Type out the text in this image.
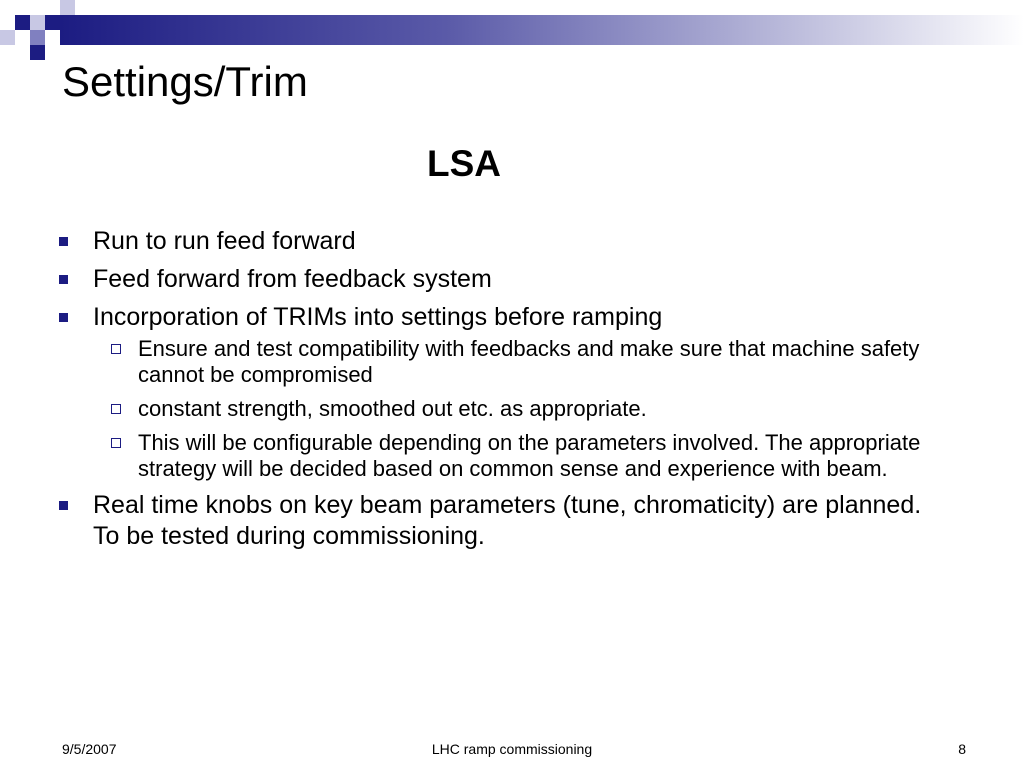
Settings/Trim
LSA
Run to run feed forward
Feed forward from feedback system
Incorporation of TRIMs into settings before ramping
Ensure and test compatibility with feedbacks and make sure that machine safety cannot be compromised
constant strength, smoothed out etc. as appropriate.
This will be configurable depending on the parameters involved. The appropriate strategy will be decided based on common sense and experience with beam.
Real time knobs on key beam parameters (tune, chromaticity) are planned. To be tested during commissioning.
9/5/2007	LHC ramp commissioning	8
